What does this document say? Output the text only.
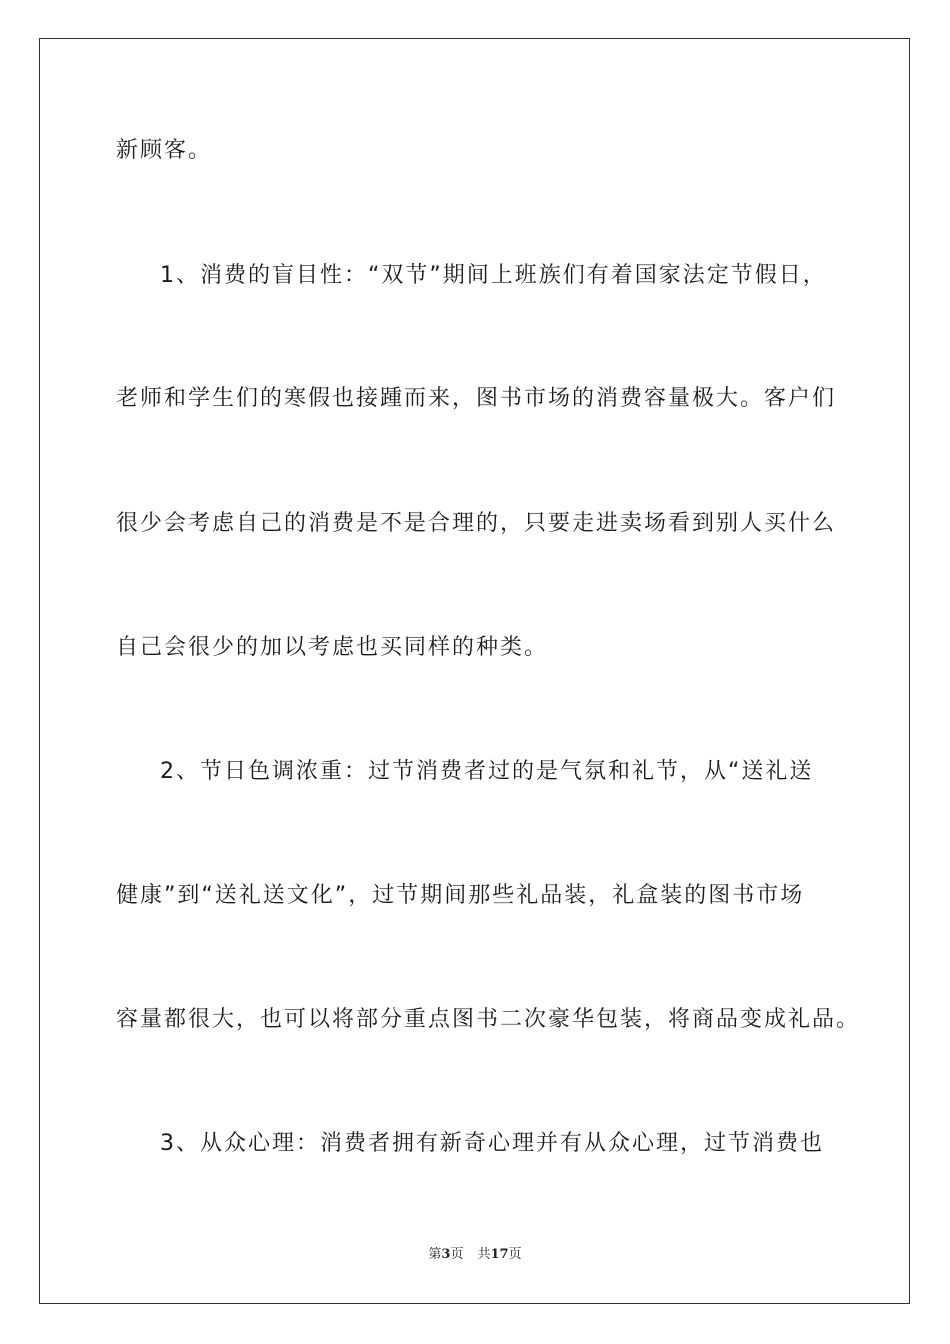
新顾客。
1、消费的盲目性：“双节”期间上班族们有着国家法定节假日，
老师和学生们的寒假也接踵而来，图书市场的消费容量极大。客户们
很少会考虑自己的消费是不是合理的，只要走进卖场看到别人买什么
自己会很少的加以考虑也买同样的种类。
2、节日色调浓重：过节消费者过的是气氛和礼节，从“送礼送
健康”到“送礼送文化”，过节期间那些礼品装，礼盒装的图书市场
容量都很大，也可以将部分重点图书二次豪华包装，将商品变成礼品。
3、从众心理：消费者拥有新奇心理并有从众心理，过节消费也
第3页 共17页
